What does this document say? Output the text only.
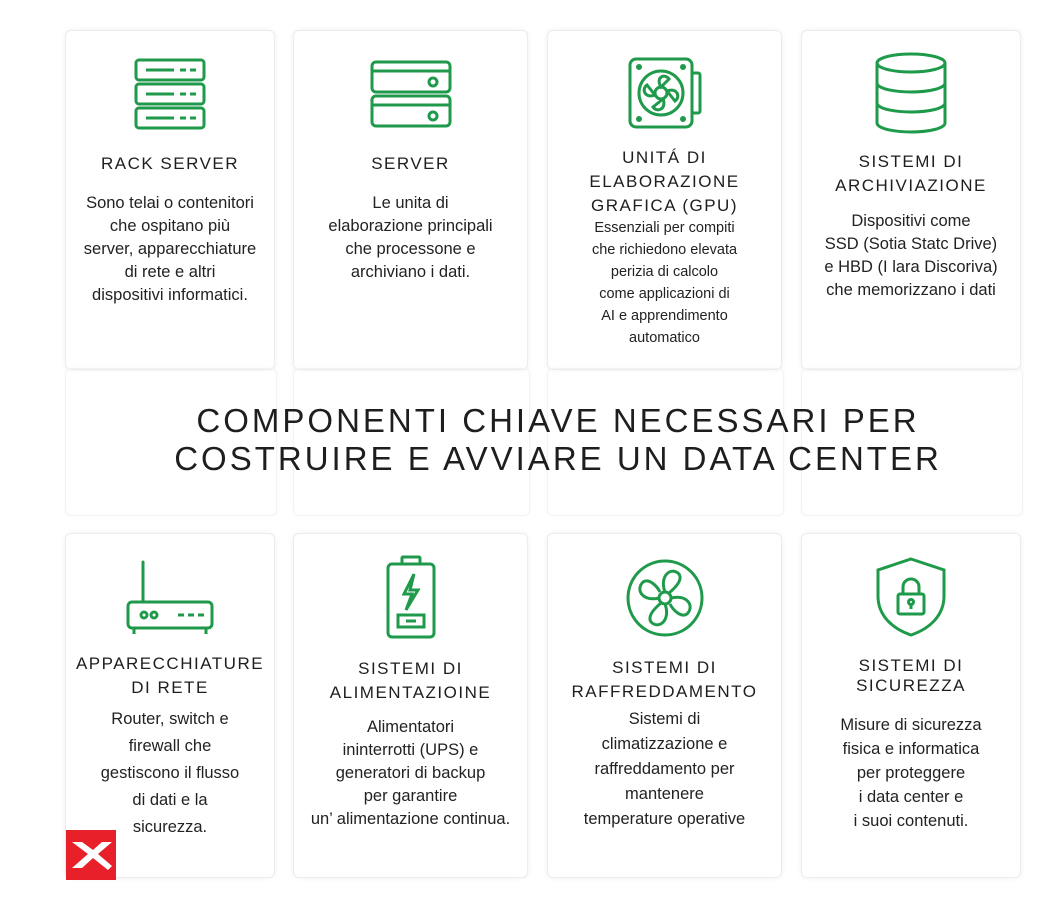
RACK SERVER
Sono telai o contenitori
che ospitano più
server, apparecchiature
di rete e altri
dispositivi informatici.
SERVER
Le unita di
elaborazione principali
che processone e
archiviano i dati.
UNITÁ DI
ELABORAZIONE
GRAFICA (GPU)
Essenziali per compiti
che richiedono elevata
perizia di calcolo
come applicazioni di
AI e apprendimento
automatico
SISTEMI DI
ARCHIVIAZIONE
Dispositivi come
SSD (Sotia Statc Drive)
e HBD (I lara Discoriva)
che memorizzano i dati
COMPONENTI CHIAVE NECESSARI PER
COSTRUIRE E AVVIARE UN DATA CENTER
APPARECCHIATURE
DI RETE
Router, switch e
firewall che
gestiscono il flusso
di dati e la
sicurezza.
SISTEMI DI
ALIMENTAZIOINE
Alimentatori
ininterrotti (UPS) e
generatori di backup
per garantire
un’ alimentazione continua.
SISTEMI DI
RAFFREDDAMENTO
Sistemi di
climatizzazione e
raffreddamento per
mantenere
temperature operative
SISTEMI DI
SICUREZZA
Misure di sicurezza
fisica e informatica
per proteggere
i data center e
i suoi contenuti.
